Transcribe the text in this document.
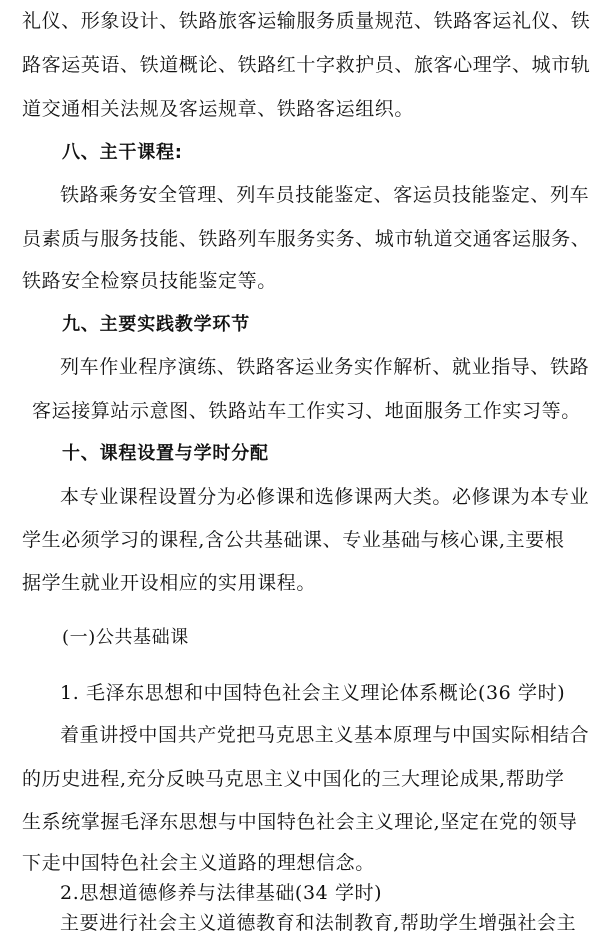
礼仪、形象设计、铁路旅客运输服务质量规范、铁路客运礼仪、铁
路客运英语、铁道概论、铁路红十字救护员、旅客心理学、城市轨
道交通相关法规及客运规章、铁路客运组织。
八、主干课程:
铁路乘务安全管理、列车员技能鉴定、客运员技能鉴定、列车
员素质与服务技能、铁路列车服务实务、城市轨道交通客运服务、
铁路安全检察员技能鉴定等。
九、主要实践教学环节
列车作业程序演练、铁路客运业务实作解析、就业指导、铁路
客运接算站示意图、铁路站车工作实习、地面服务工作实习等。
十、课程设置与学时分配
本专业课程设置分为必修课和选修课两大类。必修课为本专业
学生必须学习的课程,含公共基础课、专业基础与核心课,主要根
据学生就业开设相应的实用课程。
(一)公共基础课
1. 毛泽东思想和中国特色社会主义理论体系概论(36 学时)
着重讲授中国共产党把马克思主义基本原理与中国实际相结合
的历史进程,充分反映马克思主义中国化的三大理论成果,帮助学
生系统掌握毛泽东思想与中国特色社会主义理论,坚定在党的领导
下走中国特色社会主义道路的理想信念。
2.思想道德修养与法律基础(34 学时)
主要进行社会主义道德教育和法制教育,帮助学生增强社会主
